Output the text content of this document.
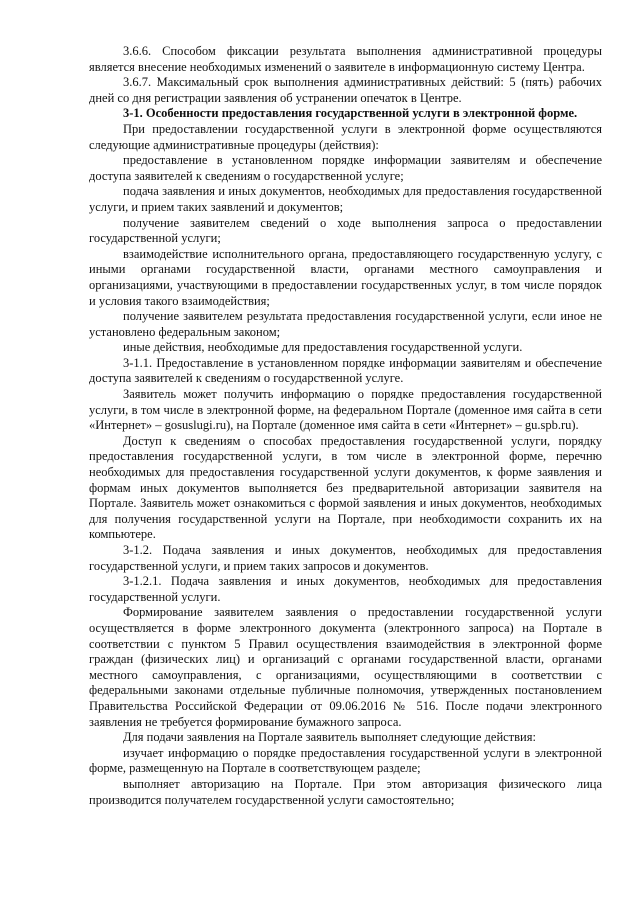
3.6.6. Способом фиксации результата выполнения административной процедуры является внесение необходимых изменений о заявителе в информационную систему Центра.

3.6.7. Максимальный срок выполнения административных действий: 5 (пять) рабочих дней со дня регистрации заявления об устранении опечаток в Центре.

3-1. Особенности предоставления государственной услуги в электронной форме.

При предоставлении государственной услуги в электронной форме осуществляются следующие административные процедуры (действия):

предоставление в установленном порядке информации заявителям и обеспечение доступа заявителей к сведениям о государственной услуге;

подача заявления и иных документов, необходимых для предоставления государственной услуги, и прием таких заявлений и документов;

получение заявителем сведений о ходе выполнения запроса о предоставлении государственной услуги;

взаимодействие исполнительного органа, предоставляющего государственную услугу, с иными органами государственной власти, органами местного самоуправления и организациями, участвующими в предоставлении государственных услуг, в том числе порядок и условия такого взаимодействия;

получение заявителем результата предоставления государственной услуги, если иное не установлено федеральным законом;

иные действия, необходимые для предоставления государственной услуги.

3-1.1. Предоставление в установленном порядке информации заявителям и обеспечение доступа заявителей к сведениям о государственной услуге.

Заявитель может получить информацию о порядке предоставления государственной услуги, в том числе в электронной форме, на федеральном Портале (доменное имя сайта в сети «Интернет» – gosuslugi.ru), на Портале (доменное имя сайта в сети «Интернет» – gu.spb.ru).

Доступ к сведениям о способах предоставления государственной услуги, порядку предоставления государственной услуги, в том числе в электронной форме, перечню необходимых для предоставления государственной услуги документов, к форме заявления и формам иных документов выполняется без предварительной авторизации заявителя на Портале. Заявитель может ознакомиться с формой заявления и иных документов, необходимых для получения государственной услуги на Портале, при необходимости сохранить их на компьютере.

3-1.2. Подача заявления и иных документов, необходимых для предоставления государственной услуги, и прием таких запросов и документов.

3-1.2.1. Подача заявления и иных документов, необходимых для предоставления государственной услуги.

Формирование заявителем заявления о предоставлении государственной услуги осуществляется в форме электронного документа (электронного запроса) на Портале в соответствии с пунктом 5 Правил осуществления взаимодействия в электронной форме граждан (физических лиц) и организаций с органами государственной власти, органами местного самоуправления, с организациями, осуществляющими в соответствии с федеральными законами отдельные публичные полномочия, утвержденных постановлением Правительства Российской Федерации от 09.06.2016 № 516. После подачи электронного заявления не требуется формирование бумажного запроса.

Для подачи заявления на Портале заявитель выполняет следующие действия:

изучает информацию о порядке предоставления государственной услуги в электронной форме, размещенную на Портале в соответствующем разделе;

выполняет авторизацию на Портале. При этом авторизация физического лица производится получателем государственной услуги самостоятельно;
